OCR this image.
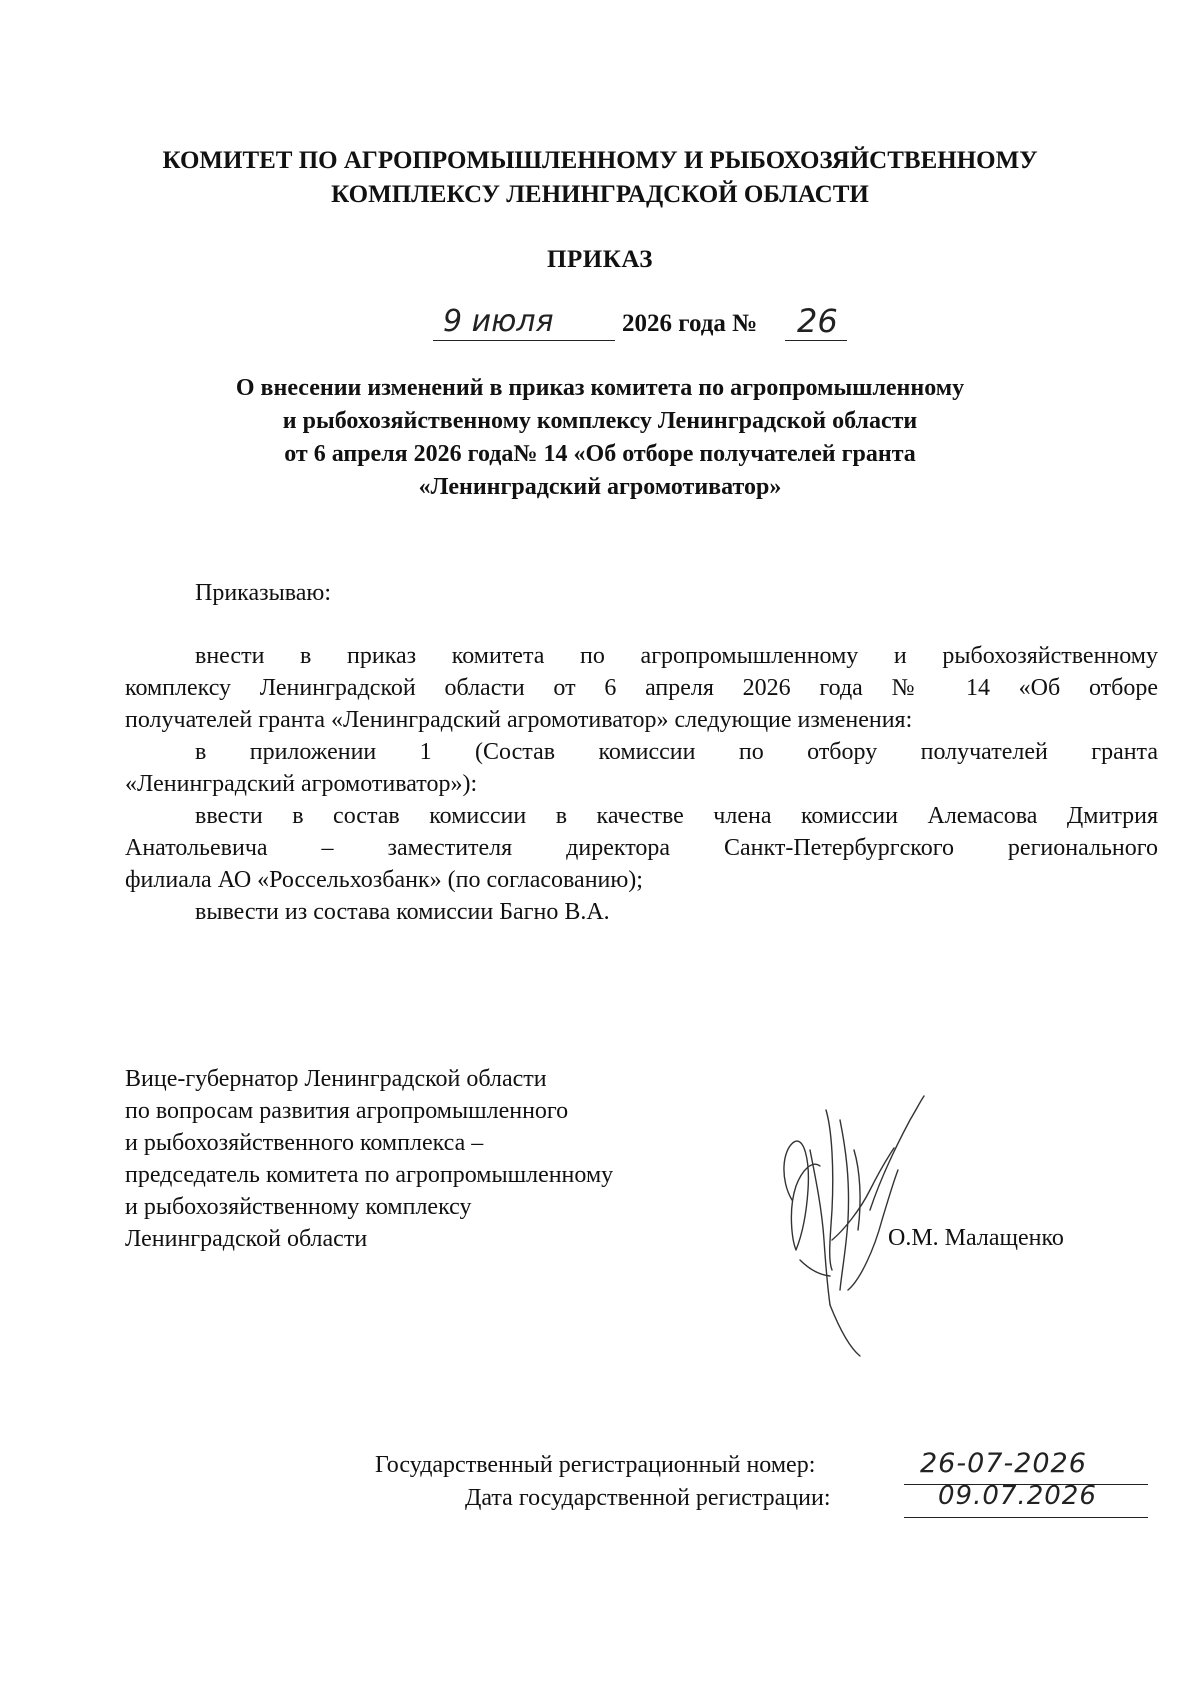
КОМИТЕТ ПО АГРОПРОМЫШЛЕННОМУ И РЫБОХОЗЯЙСТВЕННОМУ
КОМПЛЕКСУ ЛЕНИНГРАДСКОЙ ОБЛАСТИ
ПРИКАЗ
9 июля	2026 года № 26
О внесении изменений в приказ комитета по агропромышленному
и рыбохозяйственному комплексу Ленинградской области
от 6 апреля 2026 года№ 14 «Об отборе получателей гранта
«Ленинградский агромотиватор»
Приказываю:
внести в приказ комитета по агропромышленному и рыбохозяйственному
комплексу Ленинградской области от 6 апреля 2026 года № 14 «Об отборе
получателей гранта «Ленинградский агромотиватор» следующие изменения:
в приложении 1 (Состав комиссии по отбору получателей гранта
«Ленинградский агромотиватор»):
ввести в состав комиссии в качестве члена комиссии Алемасова Дмитрия
Анатольевича – заместителя директора Санкт-Петербургского регионального
филиала АО «Россельхозбанк» (по согласованию);
вывести из состава комиссии Багно В.А.
Вице-губернатор Ленинградской области
по вопросам развития агропромышленного
и рыбохозяйственного комплекса –
председатель комитета по агропромышленному
и рыбохозяйственному комплексу
Ленинградской области	О.М. Малащенко
Государственный регистрационный номер:	26-07-2026
Дата государственной регистрации:	09.07.2026
